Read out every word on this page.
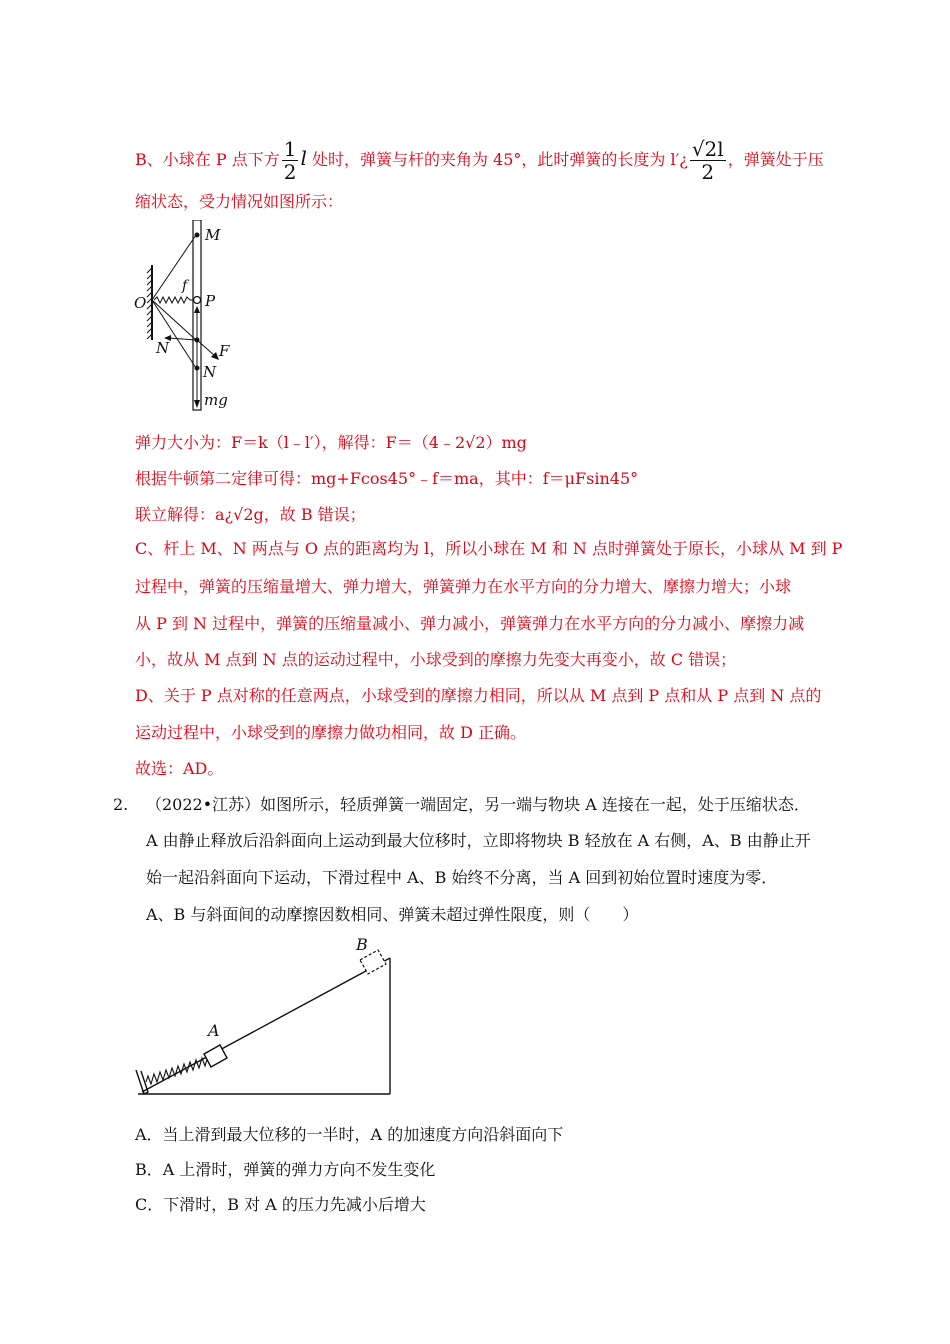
B、小球在 P 点下方 $\frac{1}{2}$ l 处时，弹簧与杆的夹角为 45°，此时弹簧的长度为 l′¿ $\frac{√2l}{2}$ ，弹簧处于压
缩状态，受力情况如图所示：
M
O
f
P
N	F
N
mg
弹力大小为：F＝k（l﹣l′），解得：F＝（4﹣2√2）mg
根据牛顿第二定律可得：mg+Fcos45°﹣f＝ma，其中：f＝μFsin45°
联立解得：a¿√2g，故 B 错误；
C、杆上 M、N 两点与 O 点的距离均为 l，所以小球在 M 和 N 点时弹簧处于原长，小球从 M 到 P
过程中，弹簧的压缩量增大、弹力增大，弹簧弹力在水平方向的分力增大、摩擦力增大；小球
从 P 到 N 过程中，弹簧的压缩量减小、弹力减小，弹簧弹力在水平方向的分力减小、摩擦力减
小，故从 M 点到 N 点的运动过程中，小球受到的摩擦力先变大再变小，故 C 错误；
D、关于 P 点对称的任意两点，小球受到的摩擦力相同，所以从 M 点到 P 点和从 P 点到 N 点的
运动过程中，小球受到的摩擦力做功相同，故 D 正确。
故选：AD。
2. （2022•江苏）如图所示，轻质弹簧一端固定，另一端与物块 A 连接在一起，处于压缩状态．
A 由静止释放后沿斜面向上运动到最大位移时，立即将物块 B 轻放在 A 右侧，A、B 由静止开
始一起沿斜面向下运动，下滑过程中 A、B 始终不分离，当 A 回到初始位置时速度为零．
A、B 与斜面间的动摩擦因数相同、弹簧未超过弹性限度，则（　　）
A
B
A．当上滑到最大位移的一半时，A 的加速度方向沿斜面向下
B．A 上滑时，弹簧的弹力方向不发生变化
C．下滑时，B 对 A 的压力先减小后增大
